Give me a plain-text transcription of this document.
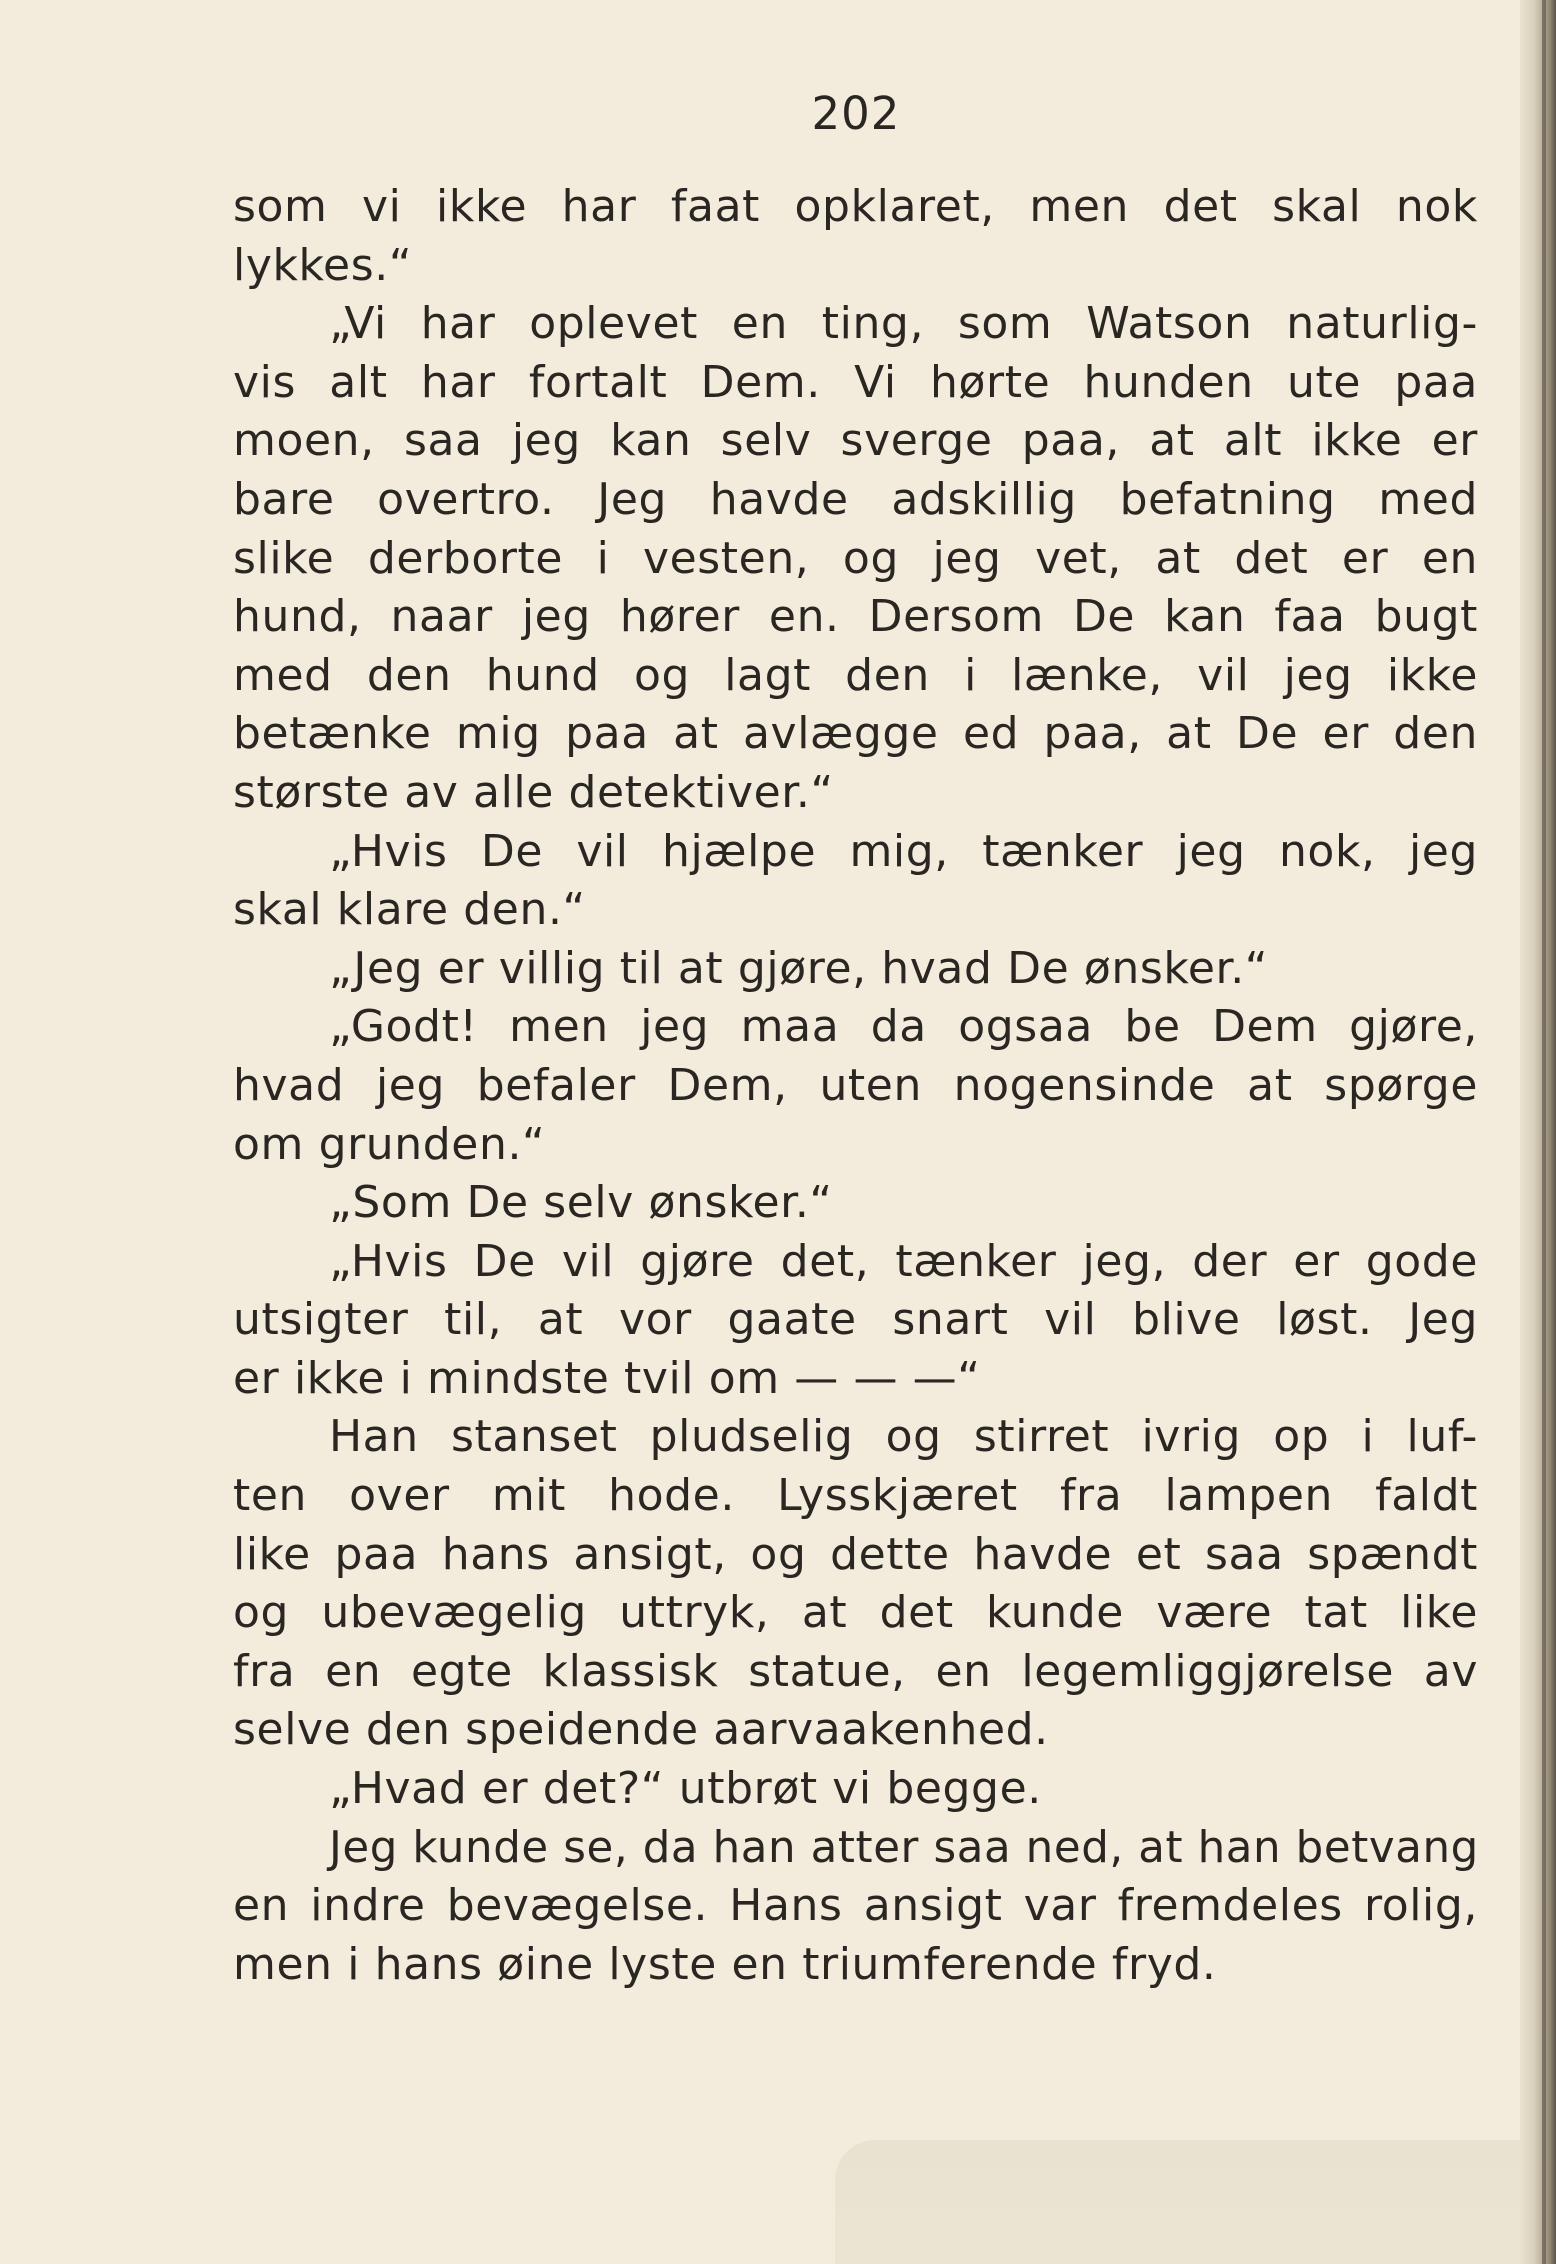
202
som vi ikke har faat opklaret, men det skal nok
lykkes.“
„Vi har oplevet en ting, som Watson naturlig-
vis alt har fortalt Dem. Vi hørte hunden ute paa
moen, saa jeg kan selv sverge paa, at alt ikke er
bare overtro. Jeg havde adskillig befatning med
slike derborte i vesten, og jeg vet, at det er en
hund, naar jeg hører en. Dersom De kan faa bugt
med den hund og lagt den i lænke, vil jeg ikke
betænke mig paa at avlægge ed paa, at De er den
største av alle detektiver.“
„Hvis De vil hjælpe mig, tænker jeg nok, jeg
skal klare den.“
„Jeg er villig til at gjøre, hvad De ønsker.“
„Godt! men jeg maa da ogsaa be Dem gjøre,
hvad jeg befaler Dem, uten nogensinde at spørge
om grunden.“
„Som De selv ønsker.“
„Hvis De vil gjøre det, tænker jeg, der er gode
utsigter til, at vor gaate snart vil blive løst. Jeg
er ikke i mindste tvil om — — —“
Han stanset pludselig og stirret ivrig op i luf-
ten over mit hode. Lysskjæret fra lampen faldt
like paa hans ansigt, og dette havde et saa spændt
og ubevægelig uttryk, at det kunde være tat like
fra en egte klassisk statue, en legemliggjørelse av
selve den speidende aarvaakenhed.
„Hvad er det?“ utbrøt vi begge.
Jeg kunde se, da han atter saa ned, at han betvang
en indre bevægelse. Hans ansigt var fremdeles rolig,
men i hans øine lyste en triumferende fryd.
